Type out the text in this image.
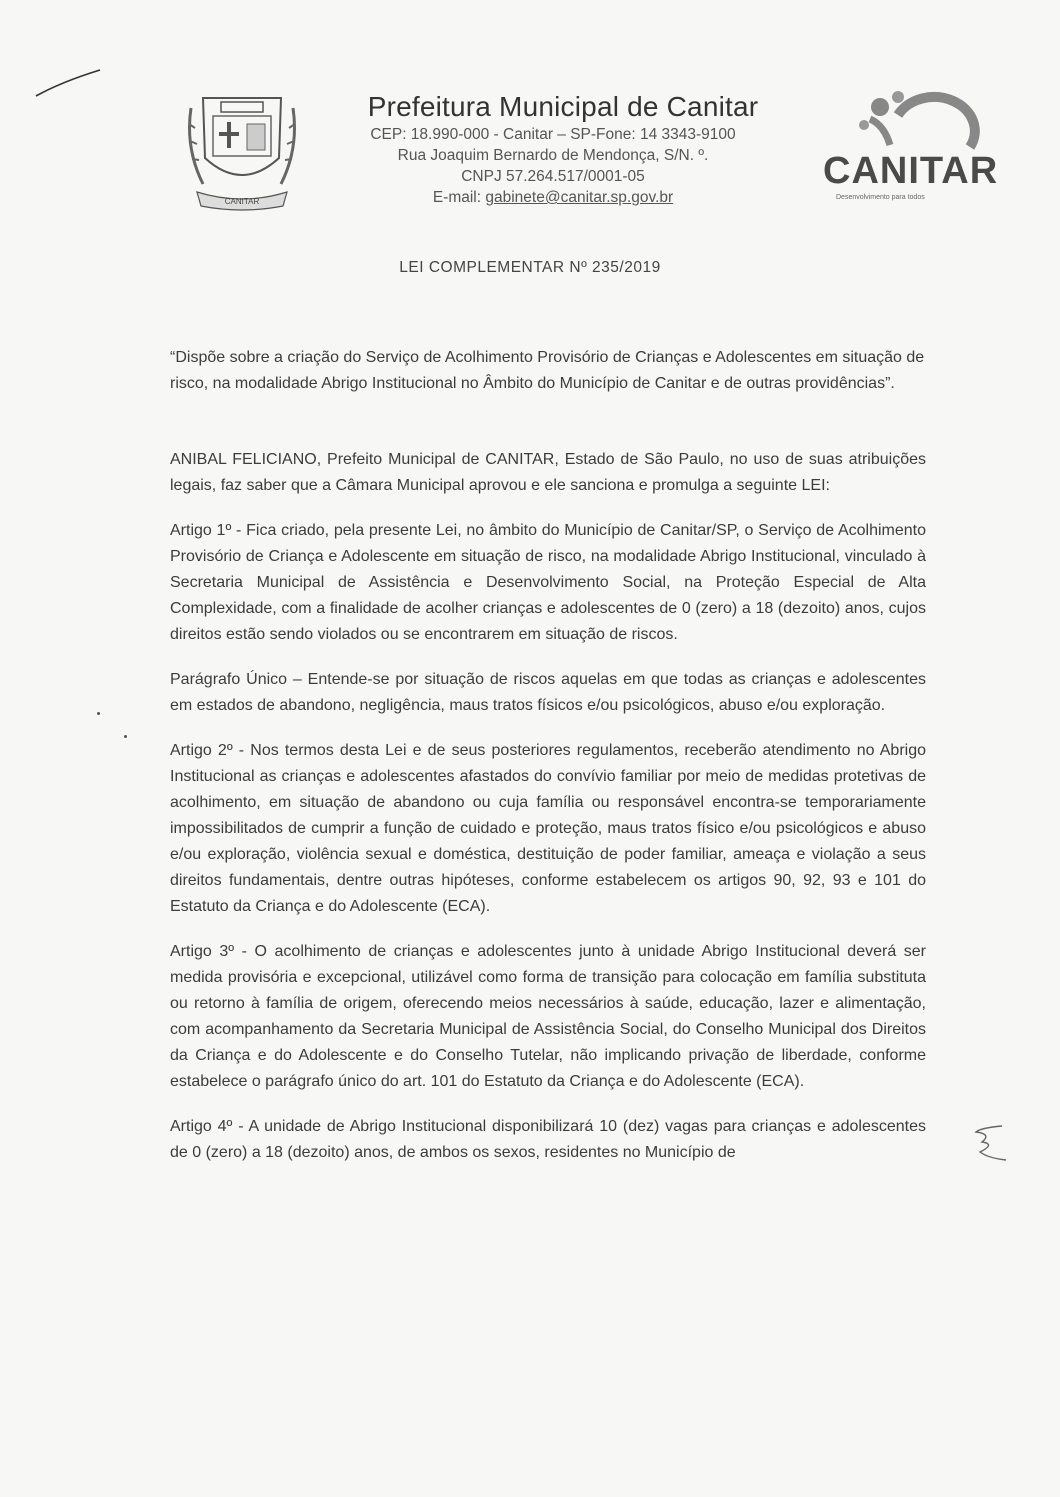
CANITAR
Prefeitura Municipal de Canitar
CEP: 18.990-000 - Canitar – SP-Fone: 14 3343-9100
Rua Joaquim Bernardo de Mendonça, S/N. º.
CNPJ 57.264.517/0001-05
E-mail: gabinete@canitar.sp.gov.br
CANITAR
Desenvolvimento para todos
LEI COMPLEMENTAR Nº 235/2019

“Dispõe sobre a criação do Serviço de Acolhimento Provisório de Crianças e Adolescentes em situação de risco, na modalidade Abrigo Institucional no Âmbito do Município de Canitar e de outras providências”.

ANIBAL FELICIANO, Prefeito Municipal de CANITAR, Estado de São Paulo, no uso de suas atribuições legais, faz saber que a Câmara Municipal aprovou e ele sanciona e promulga a seguinte LEI:

Artigo 1º - Fica criado, pela presente Lei, no âmbito do Município de Canitar/SP, o Serviço de Acolhimento Provisório de Criança e Adolescente em situação de risco, na modalidade Abrigo Institucional, vinculado à Secretaria Municipal de Assistência e Desenvolvimento Social, na Proteção Especial de Alta Complexidade, com a finalidade de acolher crianças e adolescentes de 0 (zero) a 18 (dezoito) anos, cujos direitos estão sendo violados ou se encontrarem em situação de riscos.

Parágrafo Único – Entende-se por situação de riscos aquelas em que todas as crianças e adolescentes em estados de abandono, negligência, maus tratos físicos e/ou psicológicos, abuso e/ou exploração.

Artigo 2º - Nos termos desta Lei e de seus posteriores regulamentos, receberão atendimento no Abrigo Institucional as crianças e adolescentes afastados do convívio familiar por meio de medidas protetivas de acolhimento, em situação de abandono ou cuja família ou responsável encontra-se temporariamente impossibilitados de cumprir a função de cuidado e proteção, maus tratos físico e/ou psicológicos e abuso e/ou exploração, violência sexual e doméstica, destituição de poder familiar, ameaça e violação a seus direitos fundamentais, dentre outras hipóteses, conforme estabelecem os artigos 90, 92, 93 e 101 do Estatuto da Criança e do Adolescente (ECA).

Artigo 3º - O acolhimento de crianças e adolescentes junto à unidade Abrigo Institucional deverá ser medida provisória e excepcional, utilizável como forma de transição para colocação em família substituta ou retorno à família de origem, oferecendo meios necessários à saúde, educação, lazer e alimentação, com acompanhamento da Secretaria Municipal de Assistência Social, do Conselho Municipal dos Direitos da Criança e do Adolescente e do Conselho Tutelar, não implicando privação de liberdade, conforme estabelece o parágrafo único do art. 101 do Estatuto da Criança e do Adolescente (ECA).

Artigo 4º - A unidade de Abrigo Institucional disponibilizará 10 (dez) vagas para crianças e adolescentes de 0 (zero) a 18 (dezoito) anos, de ambos os sexos, residentes no Município de
